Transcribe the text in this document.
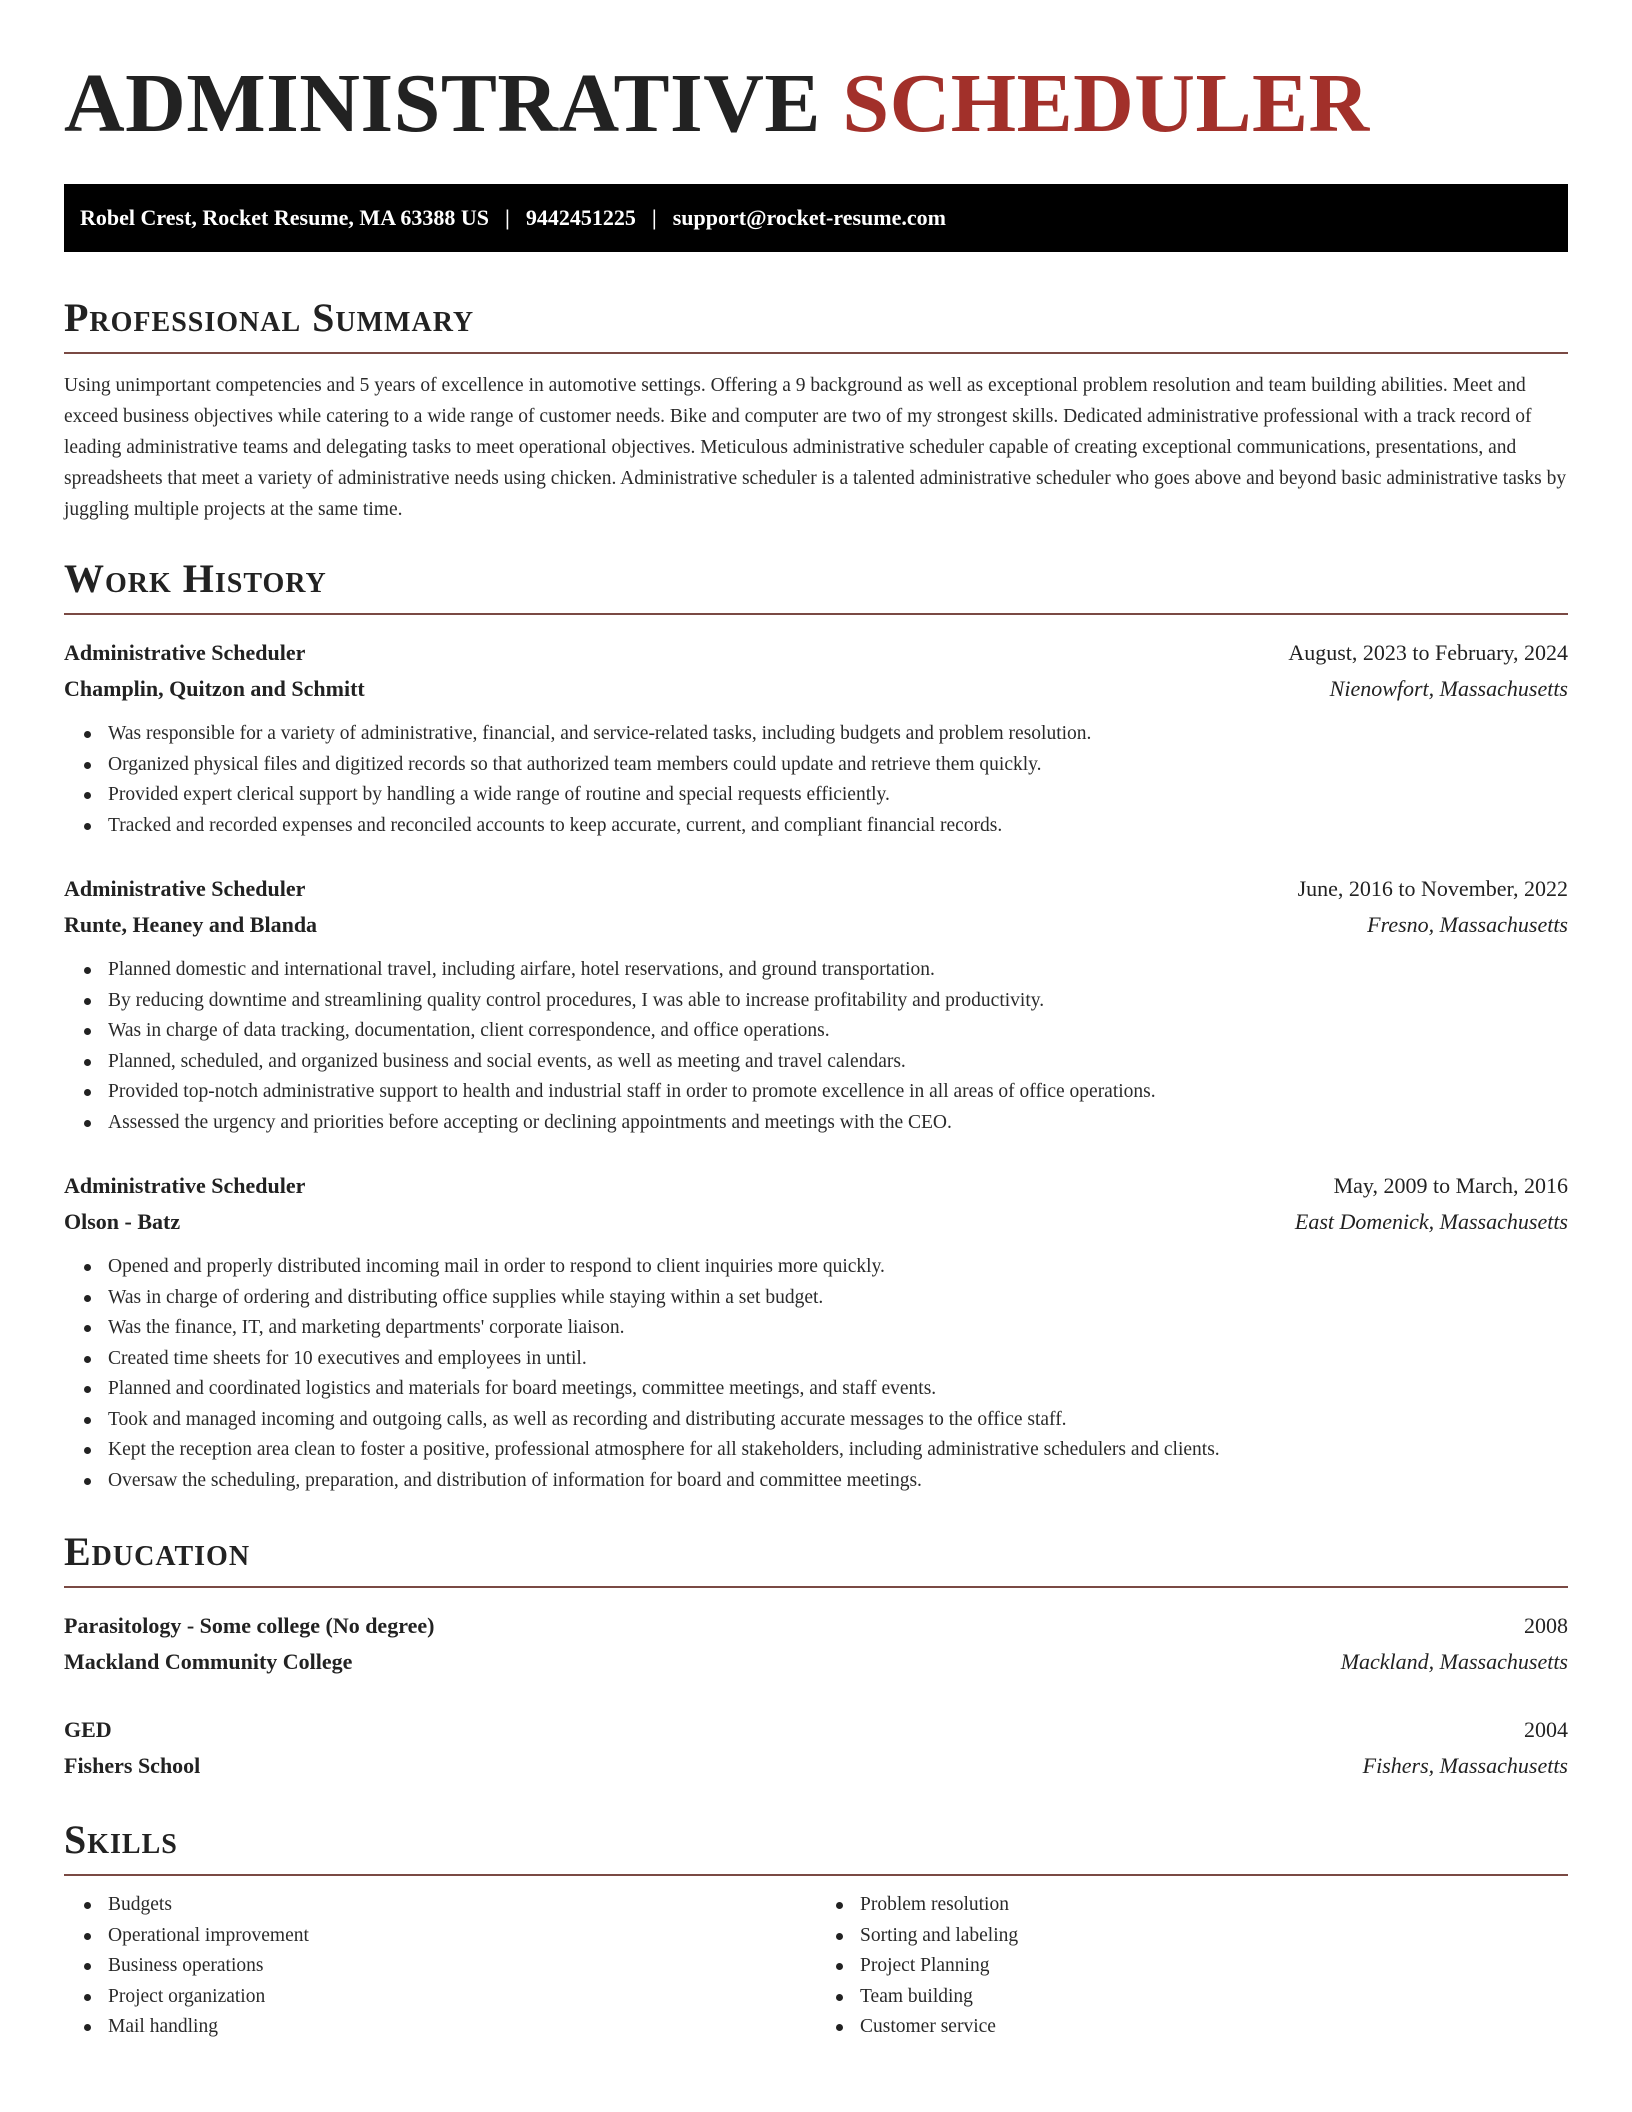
ADMINISTRATIVE SCHEDULER
Robel Crest, Rocket Resume, MA 63388 US | 9442451225 | support@rocket-resume.com
Professional Summary

Using unimportant competencies and 5 years of excellence in automotive settings. Offering a 9 background as well as exceptional problem resolution and team building abilities. Meet and exceed business objectives while catering to a wide range of customer needs. Bike and computer are two of my strongest skills. Dedicated administrative professional with a track record of leading administrative teams and delegating tasks to meet operational objectives. Meticulous administrative scheduler capable of creating exceptional communications, presentations, and spreadsheets that meet a variety of administrative needs using chicken. Administrative scheduler is a talented administrative scheduler who goes above and beyond basic administrative tasks by juggling multiple projects at the same time.

Work History
Administrative Scheduler	August, 2023 to February, 2024
Champlin, Quitzon and Schmitt	Nienowfort, Massachusetts
Was responsible for a variety of administrative, financial, and service-related tasks, including budgets and problem resolution.
Organized physical files and digitized records so that authorized team members could update and retrieve them quickly.
Provided expert clerical support by handling a wide range of routine and special requests efficiently.
Tracked and recorded expenses and reconciled accounts to keep accurate, current, and compliant financial records.
Administrative Scheduler	June, 2016 to November, 2022
Runte, Heaney and Blanda	Fresno, Massachusetts
Planned domestic and international travel, including airfare, hotel reservations, and ground transportation.
By reducing downtime and streamlining quality control procedures, I was able to increase profitability and productivity.
Was in charge of data tracking, documentation, client correspondence, and office operations.
Planned, scheduled, and organized business and social events, as well as meeting and travel calendars.
Provided top-notch administrative support to health and industrial staff in order to promote excellence in all areas of office operations.
Assessed the urgency and priorities before accepting or declining appointments and meetings with the CEO.
Administrative Scheduler	May, 2009 to March, 2016
Olson - Batz	East Domenick, Massachusetts
Opened and properly distributed incoming mail in order to respond to client inquiries more quickly.
Was in charge of ordering and distributing office supplies while staying within a set budget.
Was the finance, IT, and marketing departments' corporate liaison.
Created time sheets for 10 executives and employees in until.
Planned and coordinated logistics and materials for board meetings, committee meetings, and staff events.
Took and managed incoming and outgoing calls, as well as recording and distributing accurate messages to the office staff.
Kept the reception area clean to foster a positive, professional atmosphere for all stakeholders, including administrative schedulers and clients.
Oversaw the scheduling, preparation, and distribution of information for board and committee meetings.
Education
Parasitology - Some college (No degree)	2008
Mackland Community College	Mackland, Massachusetts
GED	2004
Fishers School	Fishers, Massachusetts
Skills
Budgets
Operational improvement
Business operations
Project organization
Mail handling
Problem resolution
Sorting and labeling
Project Planning
Team building
Customer service
